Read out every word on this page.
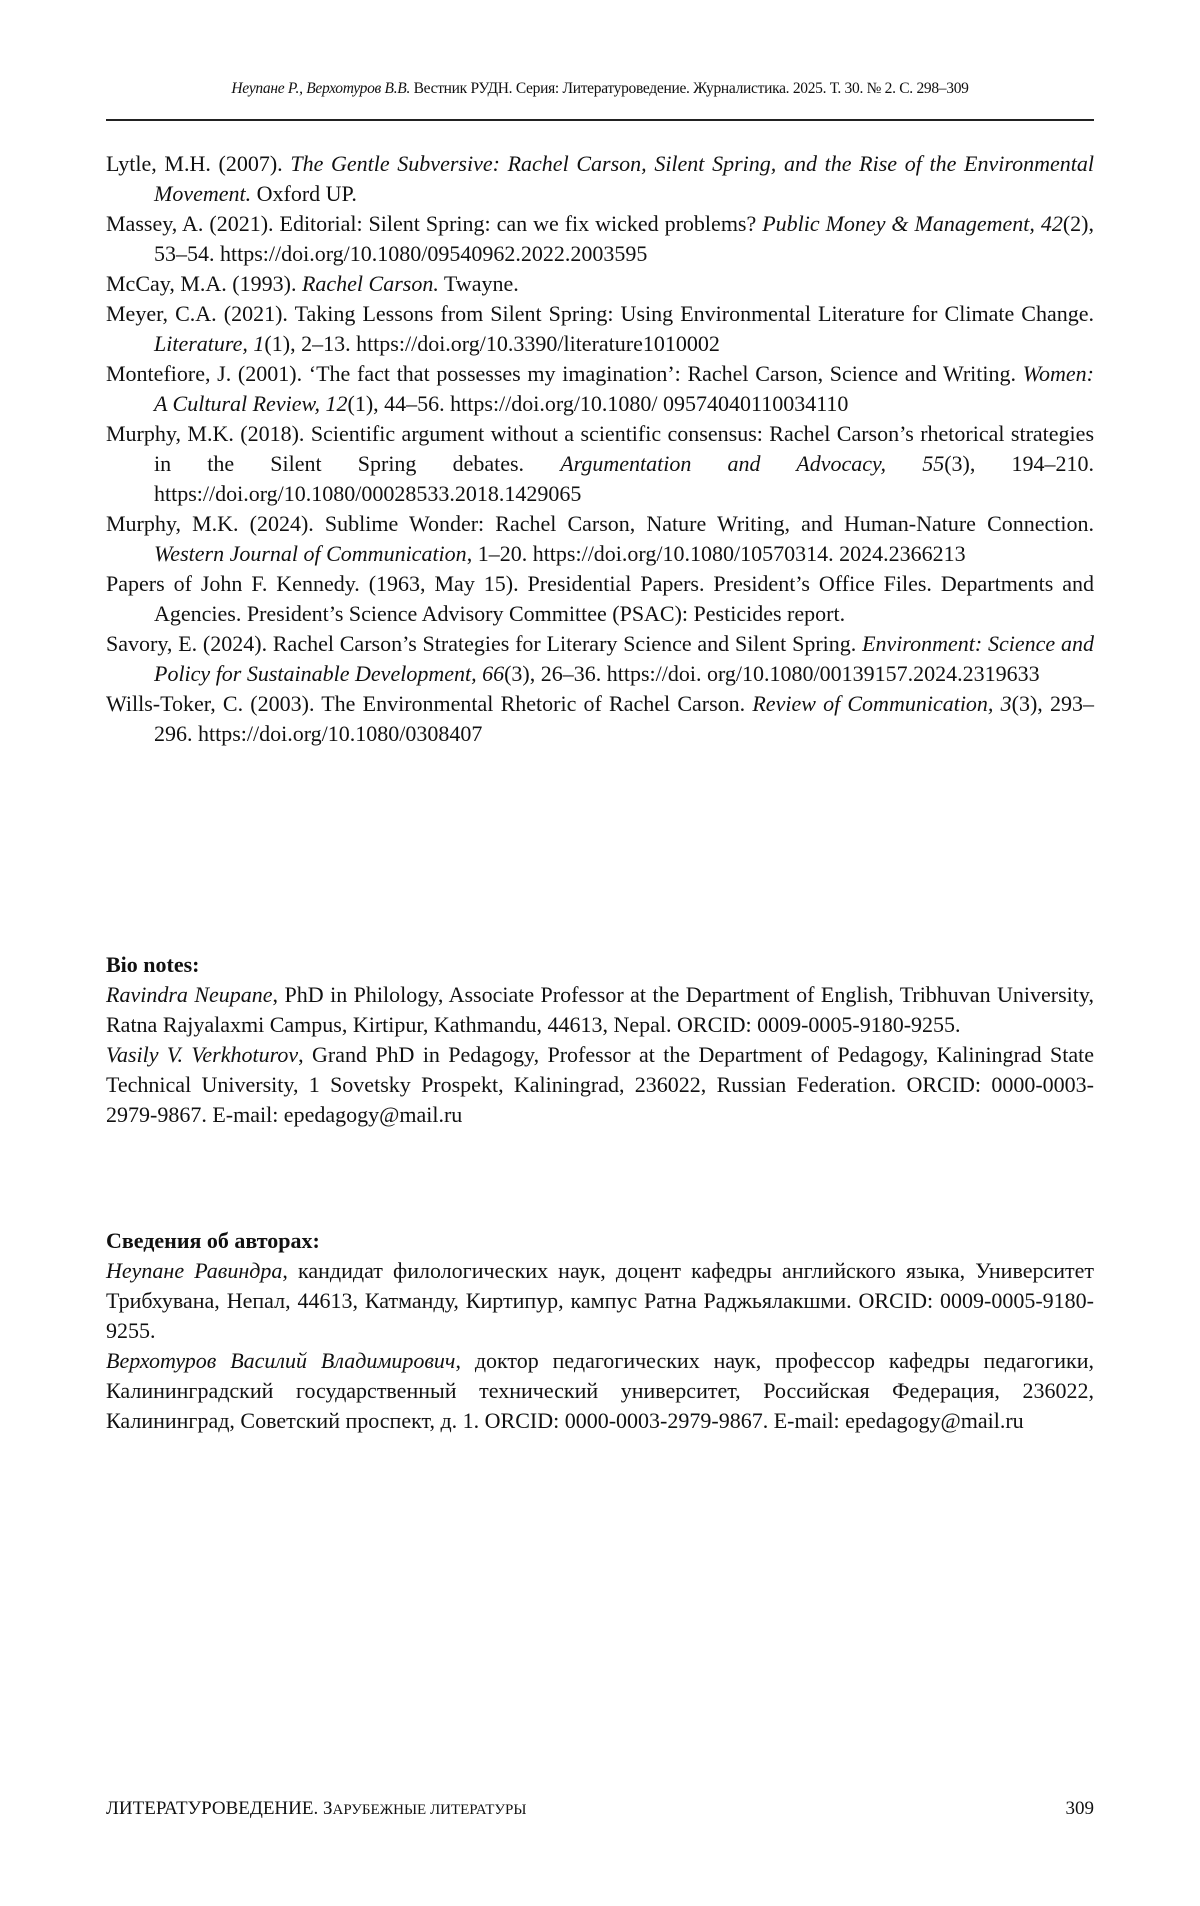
Неупане Р., Верхотуров В.В. Вестник РУДН. Серия: Литературоведение. Журналистика. 2025. Т. 30. № 2. С. 298–309
Lytle, M.H. (2007). The Gentle Subversive: Rachel Carson, Silent Spring, and the Rise of the Environmental Movement. Oxford UP.
Massey, A. (2021). Editorial: Silent Spring: can we fix wicked problems? Public Money & Management, 42(2), 53–54. https://doi.org/10.1080/09540962.2022.2003595
McCay, M.A. (1993). Rachel Carson. Twayne.
Meyer, C.A. (2021). Taking Lessons from Silent Spring: Using Environmental Literature for Climate Change. Literature, 1(1), 2–13. https://doi.org/10.3390/literature1010002
Montefiore, J. (2001). ‘The fact that possesses my imagination’: Rachel Carson, Science and Writing. Women: A Cultural Review, 12(1), 44–56. https://doi.org/10.1080/ 09574040110034110
Murphy, M.K. (2018). Scientific argument without a scientific consensus: Rachel Carson’s rhetorical strategies in the Silent Spring debates. Argumentation and Advocacy, 55(3), 194–210. https://doi.org/10.1080/00028533.2018.1429065
Murphy, M.K. (2024). Sublime Wonder: Rachel Carson, Nature Writing, and Human-Nature Connection. Western Journal of Communication, 1–20. https://doi.org/10.1080/10570314. 2024.2366213
Papers of John F. Kennedy. (1963, May 15). Presidential Papers. President’s Office Files. Departments and Agencies. President’s Science Advisory Committee (PSAC): Pesticides report.
Savory, E. (2024). Rachel Carson’s Strategies for Literary Science and Silent Spring. Environment: Science and Policy for Sustainable Development, 66(3), 26–36. https://doi. org/10.1080/00139157.2024.2319633
Wills-Toker, C. (2003). The Environmental Rhetoric of Rachel Carson. Review of Communication, 3(3), 293–296. https://doi.org/10.1080/0308407
Bio notes:

Ravindra Neupane, PhD in Philology, Associate Professor at the Department of English, Tribhuvan University, Ratna Rajyalaxmi Campus, Kirtipur, Kathmandu, 44613, Nepal. ORCID: 0009-0005-9180-9255.

Vasily V. Verkhoturov, Grand PhD in Pedagogy, Professor at the Department of Pedagogy, Kaliningrad State Technical University, 1 Sovetsky Prospekt, Kaliningrad, 236022, Russian Federation. ORCID: 0000-0003-2979-9867. E-mail: epedagogy@mail.ru

Сведения об авторах:

Неупане Равиндра, кандидат филологических наук, доцент кафедры английского языка, Университет Трибхувана, Непал, 44613, Катманду, Киртипур, кампус Ратна Раджьялакшми. ORCID: 0009-0005-9180-9255.

Верхотуров Василий Владимирович, доктор педагогических наук, профессор кафедры педагогики, Калининградский государственный технический университет, Российская Федерация, 236022, Калининград, Советский проспект, д. 1. ORCID: 0000-0003-2979-9867. E-mail: epedagogy@mail.ru

ЛИТЕРАТУРОВЕДЕНИЕ. ЗАРУБЕЖНЫЕ ЛИТЕРАТУРЫ	309
